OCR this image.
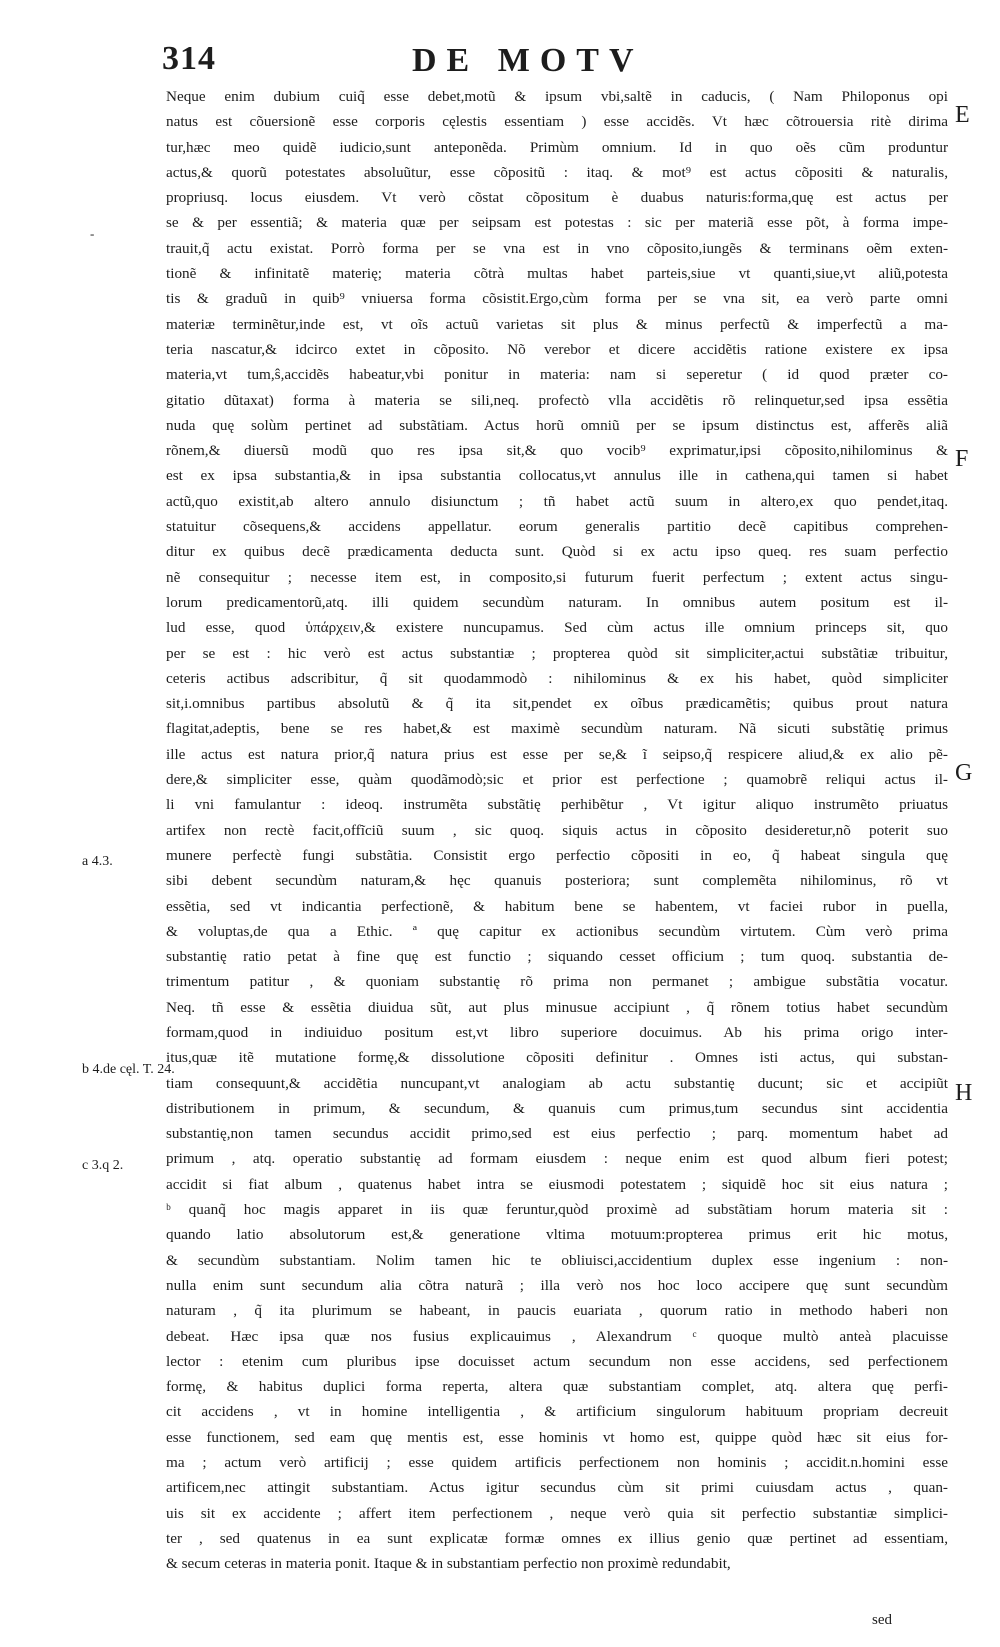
314	DE MOTV
-
E
F
G
H
a 4.3.
b 4.de cęl. T. 24.
c 3.q 2.
Neque enim dubium cuiq̃ esse debet,motũ & ipsum vbi,saltẽ in caducis, ( Nam Philoponus opi
natus est cõuersionẽ esse corporis cęlestis essentiam ) esse accidẽs. Vt hæc cõtrouersia ritè dirima
tur,hæc meo quidẽ iudicio,sunt anteponẽda. Primùm omnium. Id in quo oẽs cũm produntur
actus,& quorũ potestates absoluũtur, esse cõpositũ : itaq. & mot⁹ est actus cõpositi & naturalis,
propriusq. locus eiusdem. Vt verò cõstat cõpositum è duabus naturis:forma,quę est actus per
se & per essentiã; & materia quæ per seipsam est potestas : sic per materiã esse põt, à forma impe-
trauit,q̃ actu existat. Porrò forma per se vna est in vno cõposito,iungẽs & terminans oẽm exten-
tionẽ & infinitatẽ materię; materia cõtrà multas habet parteis,siue vt quanti,siue,vt aliũ,potesta
tis & graduũ in quib⁹ vniuersa forma cõsistit.Ergo,cùm forma per se vna sit, ea verò parte omni
materiæ terminẽtur,inde est, vt oĩs actuũ varietas sit plus & minus perfectũ & imperfectũ a ma-
teria nascatur,& idcirco extet in cõposito. Nõ verebor et dicere accidẽtis ratione existere ex ipsa
materia,vt tum,ŝ,accidẽs habeatur,vbi ponitur in materia: nam si seperetur ( id quod præter co-
gitatio dũtaxat) forma à materia se sili,neq. profectò vlla accidẽtis rõ relinquetur,sed ipsa essẽtia
nuda quę solùm pertinet ad substãtiam. Actus horũ omniũ per se ipsum distinctus est, afferẽs aliã
rõnem,& diuersũ modũ quo res ipsa sit,& quo vocib⁹ exprimatur,ipsi cõposito,nihilominus &
est ex ipsa substantia,& in ipsa substantia collocatus,vt annulus ille in cathena,qui tamen si habet
actũ,quo existit,ab altero annulo disiunctum ; tñ habet actũ suum in altero,ex quo pendet,itaq.
statuitur cõsequens,& accidens appellatur. eorum generalis partitio decẽ capitibus comprehen-
ditur ex quibus decẽ prædicamenta deducta sunt. Quòd si ex actu ipso queq. res suam perfectio
nẽ consequitur ; necesse item est, in composito,si futurum fuerit perfectum ; extent actus singu-
lorum predicamentorũ,atq. illi quidem secundùm naturam. In omnibus autem positum est il-
lud esse, quod ὑπάρχειν,& existere nuncupamus. Sed cùm actus ille omnium princeps sit, quo
per se est : hic verò est actus substantiæ ; propterea quòd sit simpliciter,actui substãtiæ tribuitur,
ceteris actibus adscribitur, q̃ sit quodammodò : nihilominus & ex his habet, quòd simpliciter
sit,i.omnibus partibus absolutũ & q̃ ita sit,pendet ex oĩbus prædicamẽtis; quibus prout natura
flagitat,adeptis, bene se res habet,& est maximè secundùm naturam. Nã sicuti substãtię primus
ille actus est natura prior,q̃ natura prius est esse per se,& ĩ seipso,q̃ respicere aliud,& ex alio pẽ-
dere,& simpliciter esse, quàm quodãmodò;sic et prior est perfectione ; quamobrẽ reliqui actus il-
li vni famulantur : ideoq. instrumẽta substãtię perhibẽtur , Vt igitur aliquo instrumẽto priuatus
artifex non rectè facit,offĩciũ suum , sic quoq. siquis actus in cõposito desideretur,nõ poterit suo
munere perfectè fungi substãtia. Consistit ergo perfectio cõpositi in eo, q̃ habeat singula quę
sibi debent secundùm naturam,& hęc quanuis posteriora; sunt complemẽta nihilominus, rõ vt
essẽtia, sed vt indicantia perfectionẽ, & habitum bene se habentem, vt faciei rubor in puella,
& voluptas,de qua a Ethic. ª quę capitur ex actionibus secundùm virtutem. Cùm verò prima
substantię ratio petat à fine quę est functio ; siquando cesset officium ; tum quoq. substantia de-
trimentum patitur , & quoniam substantię rõ prima non permanet ; ambigue substãtia vocatur.
Neq. tñ esse & essẽtia diuidua sũt, aut plus minusue accipiunt , q̃ rõnem totius habet secundùm
formam,quod in indiuiduo positum est,vt libro superiore docuimus. Ab his prima origo inter-
itus,quæ itẽ mutatione formę,& dissolutione cõpositi definitur . Omnes isti actus, qui substan-
tiam consequunt,& accidẽtia nuncupant,vt analogiam ab actu substantię ducunt; sic et accipiũt
distributionem in primum, & secundum, & quanuis cum primus,tum secundus sint accidentia
substantię,non tamen secundus accidit primo,sed est eius perfectio ; parq. momentum habet ad
primum , atq. operatio substantię ad formam eiusdem : neque enim est quod album fieri potest;
accidit si fiat album , quatenus habet intra se eiusmodi potestatem ; siquidẽ hoc sit eius natura ;
ᵇ quanq̃ hoc magis apparet in iis quæ feruntur,quòd proximè ad substãtiam horum materia sit :
quando latio absolutorum est,& generatione vltima motuum:propterea primus erit hic motus,
& secundùm substantiam. Nolim tamen hic te obliuisci,accidentium duplex esse ingenium : non-
nulla enim sunt secundum alia cõtra naturã ; illa verò nos hoc loco accipere quę sunt secundùm
naturam , q̃ ita plurimum se habeant, in paucis euariata , quorum ratio in methodo haberi non
debeat. Hæc ipsa quæ nos fusius explicauimus , Alexandrum ᶜ quoque multò anteà placuisse
lector : etenim cum pluribus ipse docuisset actum secundum non esse accidens, sed perfectionem
formę, & habitus duplici forma reperta, altera quæ substantiam complet, atq. altera quę perfi-
cit accidens , vt in homine intelligentia , & artificium singulorum habituum propriam decreuit
esse functionem, sed eam quę mentis est, esse hominis vt homo est, quippe quòd hæc sit eius for-
ma ; actum verò artificij ; esse quidem artificis perfectionem non hominis ; accidit.n.homini esse
artificem,nec attingit substantiam. Actus igitur secundus cùm sit primi cuiusdam actus , quan-
uis sit ex accidente ; affert item perfectionem , neque verò quia sit perfectio substantiæ simplici-
ter , sed quatenus in ea sunt explicatæ formæ omnes ex illius genio quæ pertinet ad essentiam,
& secum ceteras in materia ponit. Itaque & in substantiam perfectio non proximè redundabit,
sed
